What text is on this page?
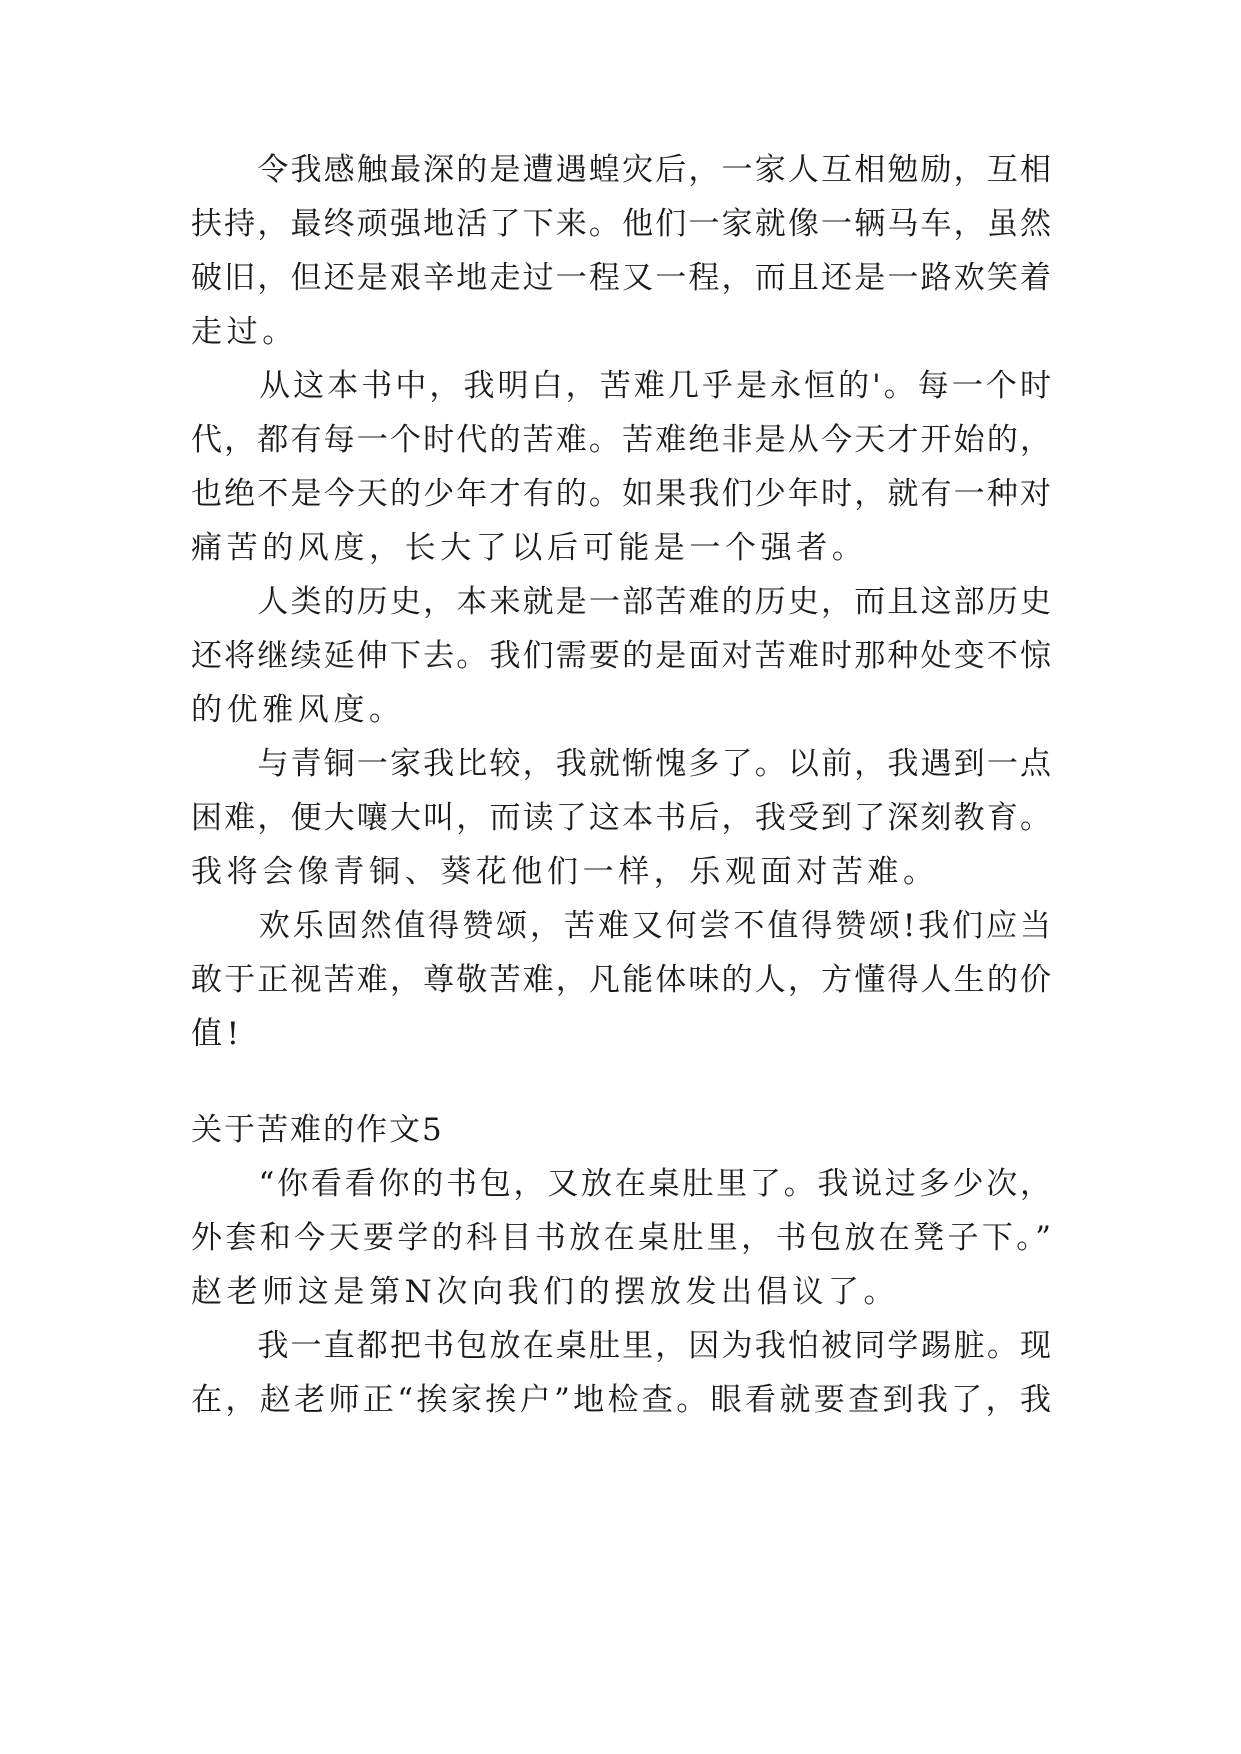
　　令我感触最深的是遭遇蝗灾后，一家人互相勉励，互相
扶持，最终顽强地活了下来。他们一家就像一辆马车，虽然
破旧，但还是艰辛地走过一程又一程，而且还是一路欢笑着
走过。
　　从这本书中，我明白，苦难几乎是永恒的'。每一个时
代，都有每一个时代的苦难。苦难绝非是从今天才开始的，
也绝不是今天的少年才有的。如果我们少年时，就有一种对
痛苦的风度，长大了以后可能是一个强者。
　　人类的历史，本来就是一部苦难的历史，而且这部历史
还将继续延伸下去。我们需要的是面对苦难时那种处变不惊
的优雅风度。
　　与青铜一家我比较，我就惭愧多了。以前，我遇到一点
困难，便大嚷大叫，而读了这本书后，我受到了深刻教育。
我将会像青铜、葵花他们一样，乐观面对苦难。
　　欢乐固然值得赞颂，苦难又何尝不值得赞颂!我们应当
敢于正视苦难，尊敬苦难，凡能体味的人，方懂得人生的价
值!
关于苦难的作文5
　　“你看看你的书包，又放在桌肚里了。我说过多少次，
外套和今天要学的科目书放在桌肚里，书包放在凳子下。”
赵老师这是第N次向我们的摆放发出倡议了。
　　我一直都把书包放在桌肚里，因为我怕被同学踢脏。现
在，赵老师正“挨家挨户”地检查。眼看就要查到我了，我
